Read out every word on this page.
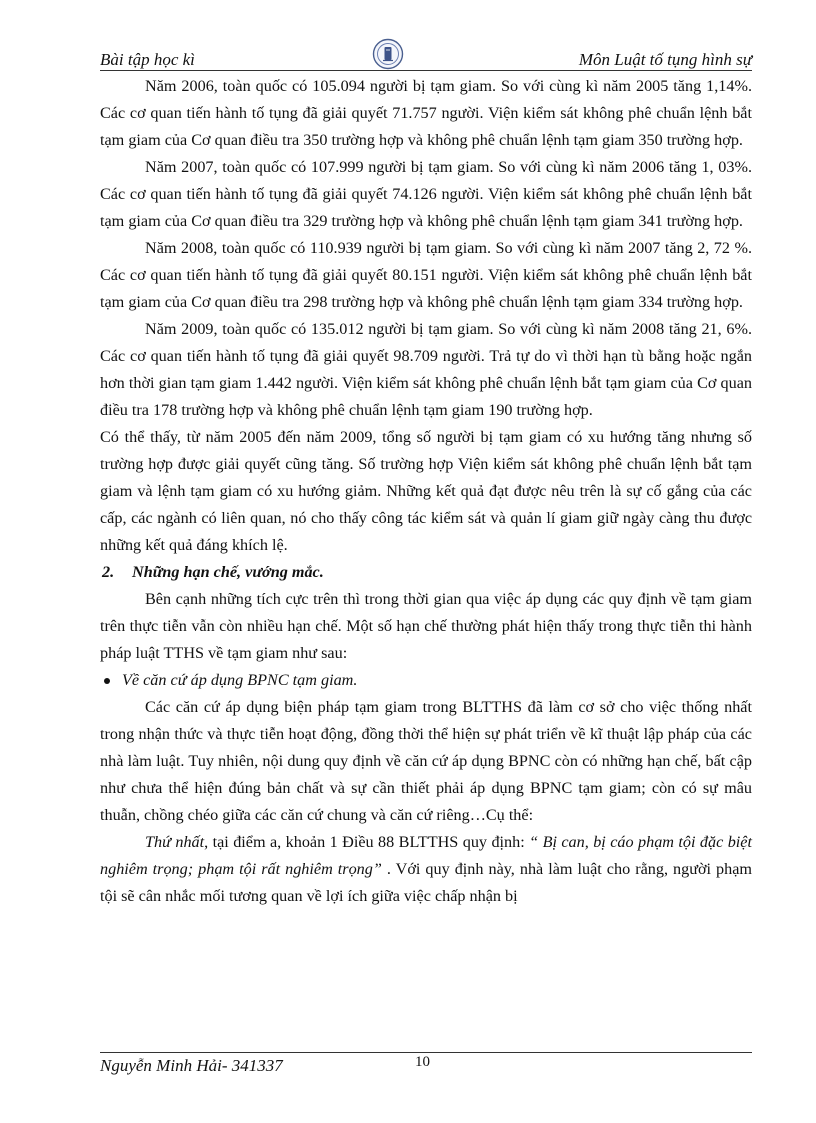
Bài tập học kì	Môn Luật tố tụng hình sự

Năm 2006, toàn quốc có 105.094 người bị tạm giam. So với cùng kì năm 2005 tăng 1,14%. Các cơ quan tiến hành tố tụng đã giải quyết 71.757 người. Viện kiểm sát không phê chuẩn lệnh bắt tạm giam của Cơ quan điều tra 350 trường hợp và không phê chuẩn lệnh tạm giam 350 trường hợp.

Năm 2007, toàn quốc có 107.999 người bị tạm giam. So với cùng kì năm 2006 tăng 1, 03%. Các cơ quan tiến hành tố tụng đã giải quyết 74.126 người. Viện kiểm sát không phê chuẩn lệnh bắt tạm giam của Cơ quan điều tra 329 trường hợp và không phê chuẩn lệnh tạm giam 341 trường hợp.

Năm 2008, toàn quốc có 110.939 người bị tạm giam. So với cùng kì năm 2007 tăng 2, 72 %. Các cơ quan tiến hành tố tụng đã giải quyết 80.151 người. Viện kiểm sát không phê chuẩn lệnh bắt tạm giam của Cơ quan điều tra 298 trường hợp và không phê chuẩn lệnh tạm giam 334 trường hợp.

Năm 2009, toàn quốc có 135.012 người bị tạm giam. So với cùng kì năm 2008 tăng 21, 6%. Các cơ quan tiến hành tố tụng đã giải quyết 98.709 người. Trả tự do vì thời hạn tù bằng hoặc ngắn hơn thời gian tạm giam 1.442 người. Viện kiểm sát không phê chuẩn lệnh bắt tạm giam của Cơ quan điều tra 178 trường hợp và không phê chuẩn lệnh tạm giam 190 trường hợp.

Có thể thấy, từ năm 2005 đến năm 2009, tổng số người bị tạm giam có xu hướng tăng nhưng số trường hợp được giải quyết cũng tăng. Số trường hợp Viện kiểm sát không phê chuẩn lệnh bắt tạm giam và lệnh tạm giam có xu hướng giảm. Những kết quả đạt được nêu trên là sự cố gắng của các cấp, các ngành có liên quan, nó cho thấy công tác kiểm sát và quản lí giam giữ ngày càng thu được những kết quả đáng khích lệ.

2. Những hạn chế, vướng mắc.

Bên cạnh những tích cực trên thì trong thời gian qua việc áp dụng các quy định về tạm giam trên thực tiễn vẫn còn nhiều hạn chế. Một số hạn chế thường phát hiện thấy trong thực tiễn thi hành pháp luật TTHS về tạm giam như sau:

Về căn cứ áp dụng BPNC tạm giam.

Các căn cứ áp dụng biện pháp tạm giam trong BLTTHS đã làm cơ sở cho việc thống nhất trong nhận thức và thực tiễn hoạt động, đồng thời thể hiện sự phát triển về kĩ thuật lập pháp của các nhà làm luật. Tuy nhiên, nội dung quy định về căn cứ áp dụng BPNC còn có những hạn chế, bất cập như chưa thể hiện đúng bản chất và sự cần thiết phải áp dụng BPNC tạm giam; còn có sự mâu thuẫn, chồng chéo giữa các căn cứ chung và căn cứ riêng…Cụ thể:

Thứ nhất, tại điểm a, khoản 1 Điều 88 BLTTHS quy định: “ Bị can, bị cáo phạm tội đặc biệt nghiêm trọng; phạm tội rất nghiêm trọng” . Với quy định này, nhà làm luật cho rằng, người phạm tội sẽ cân nhắc mối tương quan về lợi ích giữa việc chấp nhận bị

Nguyễn Minh Hải- 341337	10
